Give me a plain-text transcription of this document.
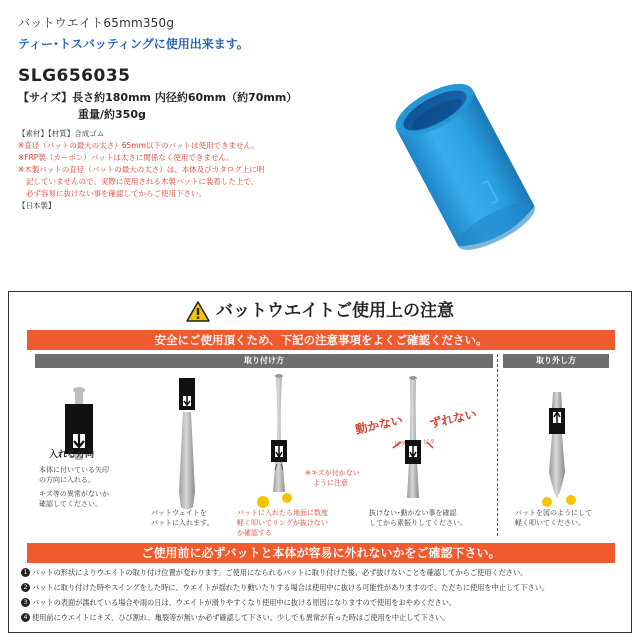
バットウエイト65mm350g
ティー･トスバッティングに使用出来ます。
SLG656035
【サイズ】長さ約180mm 内径約60mm（約70mm）
重量/約350g
【素材】【材質】合成ゴム
※直径（バットの最大の太さ）65mm以下のバットは使用できません。
※FRP製（カーボン）バットは太さに関係なく使用できません。
※木製バットの直径（バットの最大の太さ）は、本体及びカタログ上に明
記していませんので、実際に使用される木製バットに装着した上で、
必ず容易に抜けない事を確認してからご使用下さい。
【日本製】
バットウエイトご使用上の注意
安全にご使用頂くため、下記の注意事項をよくご確認ください。
取り付け方	取り外し方
ピタ	ピタ
入れる方向
本体に付いている矢印
の方向に入れる。
キズ等の異常がないか
確認してください。
バットウェイトを
バットに入れます。
※キズが付かない
ように注意
バットに入れたら地面に数度
軽く叩いてリングが抜けない
か確認する
動かない ずれない
抜けない･動かない事を確認
してから素振りしてください。
バットを図のようにして
軽く叩いてください。
ご使用前に必ずバットと本体が容易に外れないかをご確認下さい。
1 バットの形状によりウエイトの取り付け位置が変わります。ご使用になられるバットに取り付けた後、必ず抜けないことを確認してからご使用ください。
2 バットに取り付けた時やスイングをした時に、ウエイトが揺れたり動いたりする場合は使用中に抜ける可能性がありますので、ただちに使用を中止して下さい。
3 バットの表面が濡れている場合や雨の日は、ウエイトが滑りやすくなり使用中に抜ける原因になりますので使用をおやめください。
4 使用前にウエイトにキズ、ひび割れ、亀裂等が無いか必ず確認して下さい。少しでも異常が有った時はご使用を中止して下さい。
